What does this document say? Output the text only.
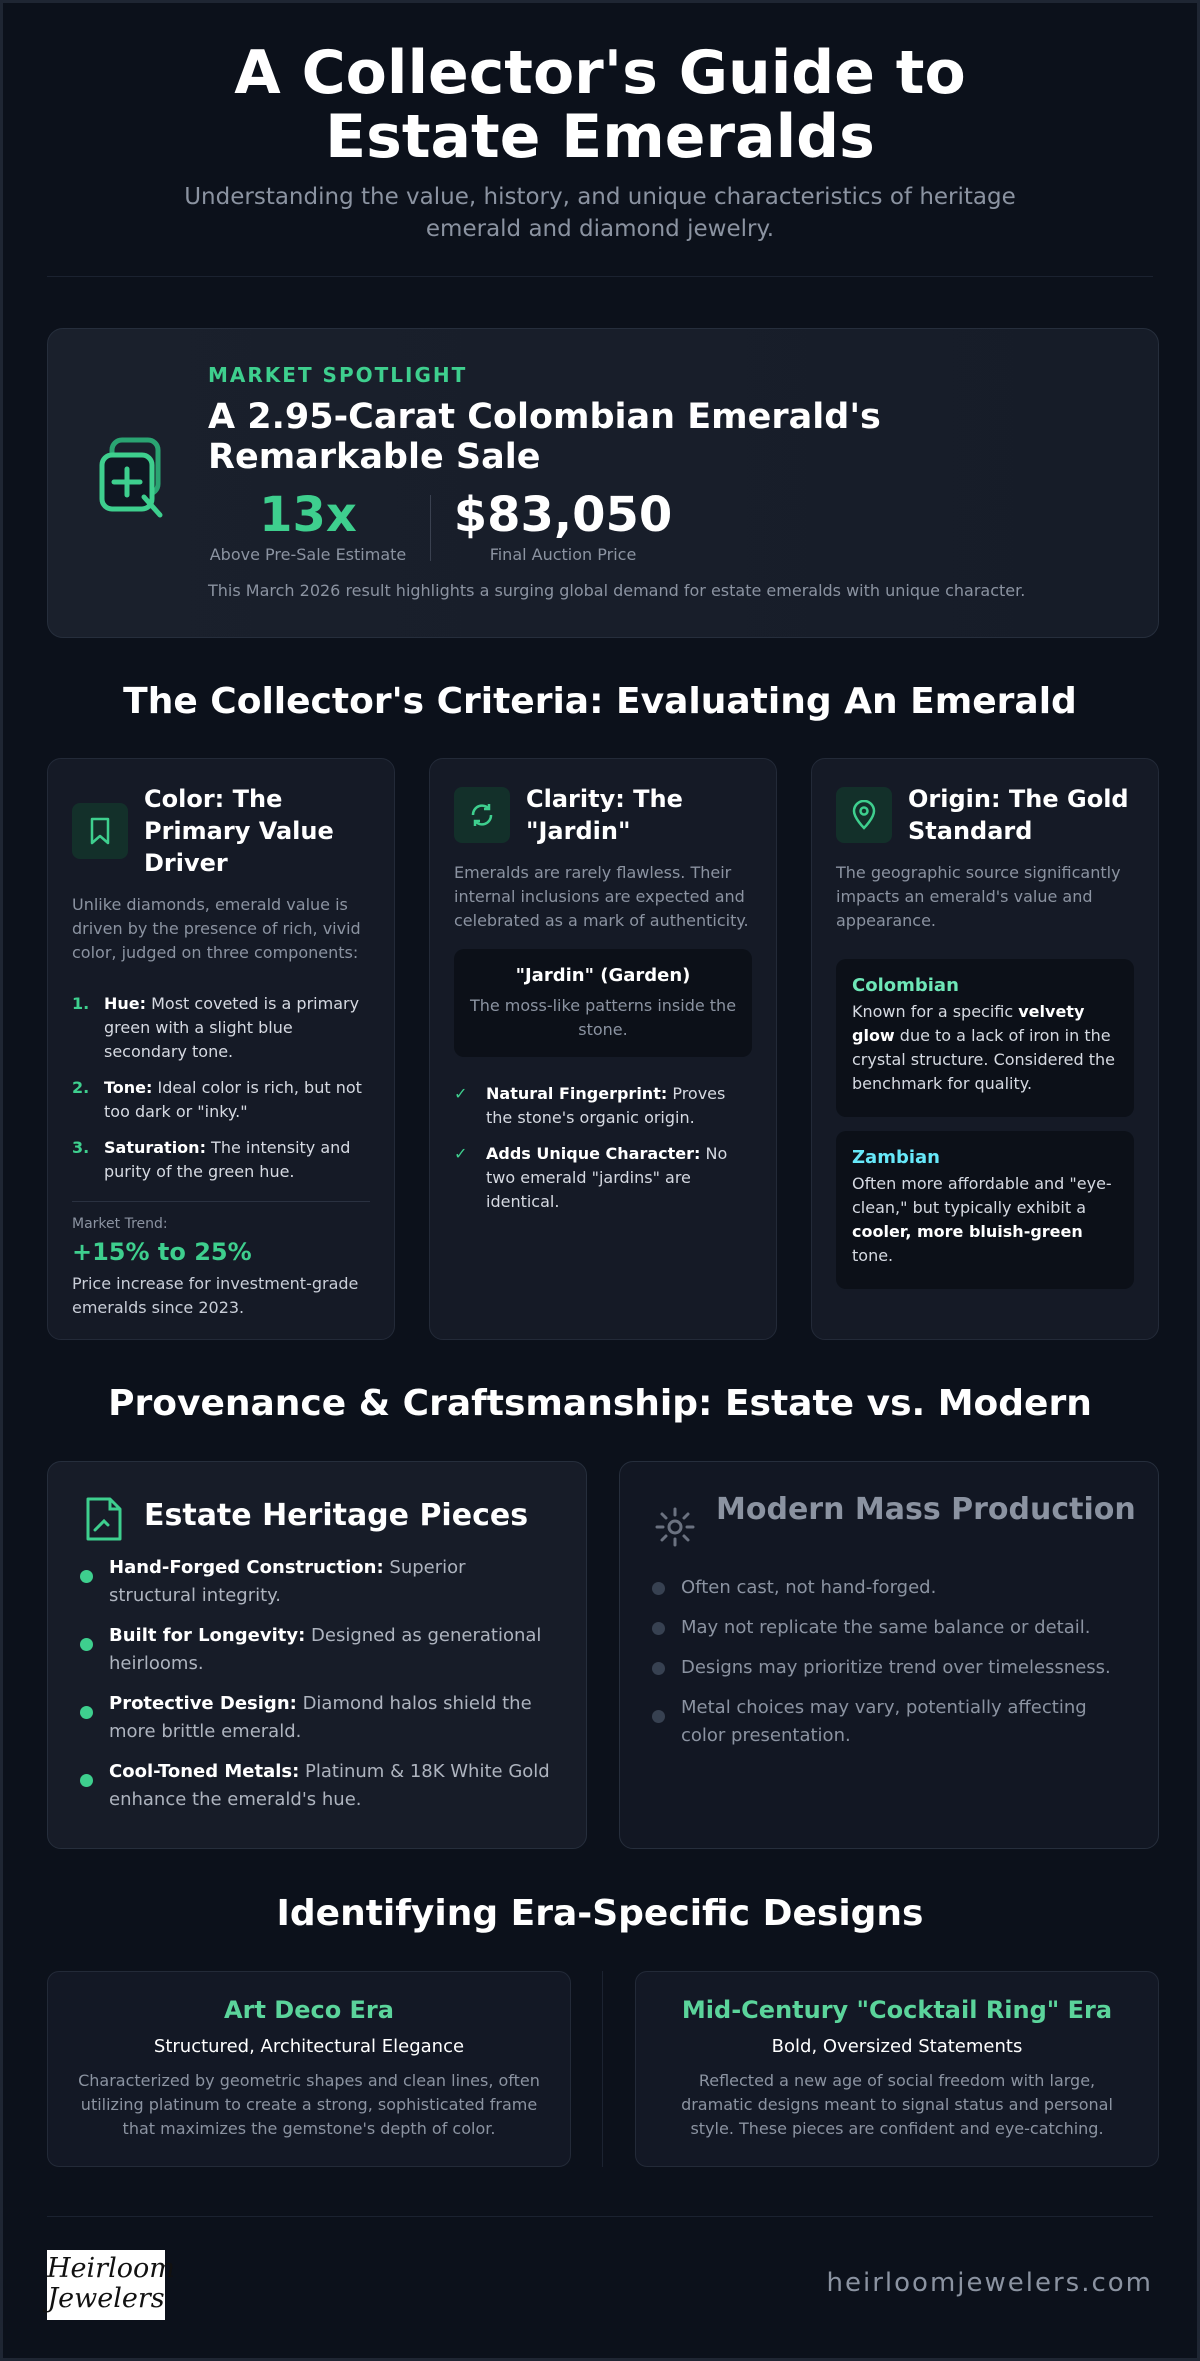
A Collector's Guide to Estate Emeralds

Understanding the value, history, and unique characteristics of heritage emerald and diamond jewelry.

MARKET SPOTLIGHT
A 2.95-Carat Colombian Emerald's Remarkable Sale
13x
Above Pre-Sale Estimate
$83,050
Final Auction Price
This March 2026 result highlights a surging global demand for estate emeralds with unique character.
The Collector's Criteria: Evaluating An Emerald
Color: The Primary Value Driver
Unlike diamonds, emerald value is driven by the presence of rich, vivid color, judged on three components:
1. Hue: Most coveted is a primary green with a slight blue secondary tone.
2. Tone: Ideal color is rich, but not too dark or "inky."
3. Saturation: The intensity and purity of the green hue.
Market Trend:
+15% to 25%
Price increase for investment-grade emeralds since 2023.
Clarity: The "Jardin"
Emeralds are rarely flawless. Their internal inclusions are expected and celebrated as a mark of authenticity.
"Jardin" (Garden)
The moss-like patterns inside the stone.
✓	Natural Fingerprint: Proves the stone's organic origin.
✓	Adds Unique Character: No two emerald "jardins" are identical.
Origin: The Gold Standard
The geographic source significantly impacts an emerald's value and appearance.
Colombian
Known for a specific velvety glow due to a lack of iron in the crystal structure. Considered the benchmark for quality.
Zambian
Often more affordable and "eye-clean," but typically exhibit a cooler, more bluish-green tone.
Provenance & Craftsmanship: Estate vs. Modern
Estate Heritage Pieces
Hand-Forged Construction: Superior structural integrity.
Built for Longevity: Designed as generational heirlooms.
Protective Design: Diamond halos shield the more brittle emerald.
Cool-Toned Metals: Platinum & 18K White Gold enhance the emerald's hue.
Modern Mass Production
Often cast, not hand-forged.
May not replicate the same balance or detail.
Designs may prioritize trend over timelessness.
Metal choices may vary, potentially affecting color presentation.
Identifying Era-Specific Designs
Art Deco Era
Structured, Architectural Elegance
Characterized by geometric shapes and clean lines, often utilizing platinum to create a strong, sophisticated frame that maximizes the gemstone's depth of color.
Mid-Century "Cocktail Ring" Era
Bold, Oversized Statements
Reflected a new age of social freedom with large, dramatic designs meant to signal status and personal style. These pieces are confident and eye-catching.
Heirloom
Jewelers	heirloomjewelers.com
